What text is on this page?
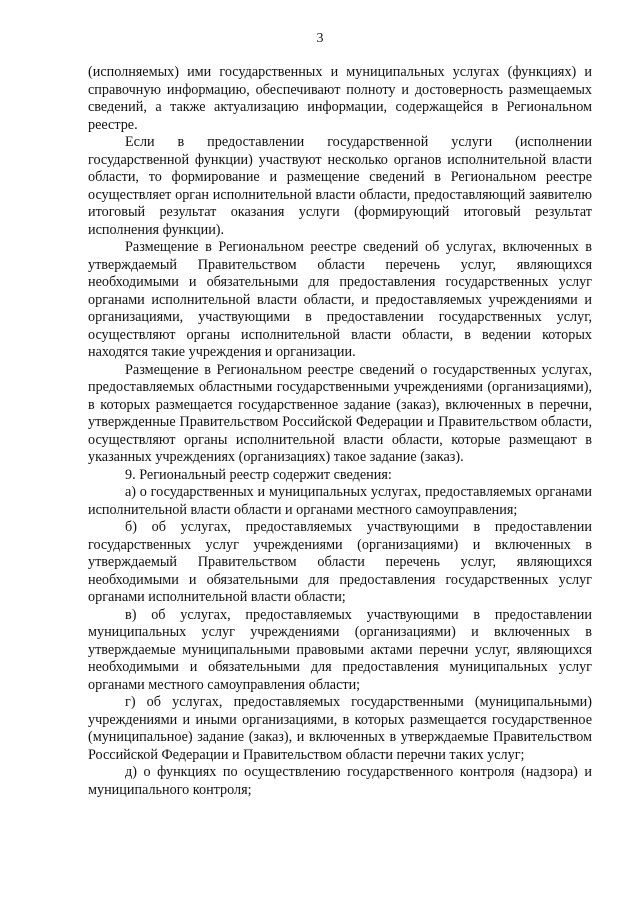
3

(исполняемых) ими государственных и муниципальных услугах (функциях) и справочную информацию, обеспечивают полноту и достоверность размещаемых сведений, а также актуализацию информации, содержащейся в Региональном реестре.

Если в предоставлении государственной услуги (исполнении государственной функции) участвуют несколько органов исполнительной власти области, то формирование и размещение сведений в Региональном реестре осуществляет орган исполнительной власти области, предоставляющий заявителю итоговый результат оказания услуги (формирующий итоговый результат исполнения функции).

Размещение в Региональном реестре сведений об услугах, включенных в утверждаемый Правительством области перечень услуг, являющихся необходимыми и обязательными для предоставления государственных услуг органами исполнительной власти области, и предоставляемых учреждениями и организациями, участвующими в предоставлении государственных услуг, осуществляют органы исполнительной власти области, в ведении которых находятся такие учреждения и организации.

Размещение в Региональном реестре сведений о государственных услугах, предоставляемых областными государственными учреждениями (организациями), в которых размещается государственное задание (заказ), включенных в перечни, утвержденные Правительством Российской Федерации и Правительством области, осуществляют органы исполнительной власти области, которые размещают в указанных учреждениях (организациях) такое задание (заказ).

9. Региональный реестр содержит сведения:

а) о государственных и муниципальных услугах, предоставляемых органами исполнительной власти области и органами местного самоуправления;

б) об услугах, предоставляемых участвующими в предоставлении государственных услуг учреждениями (организациями) и включенных в утверждаемый Правительством области перечень услуг, являющихся необходимыми и обязательными для предоставления государственных услуг органами исполнительной власти области;

в) об услугах, предоставляемых участвующими в предоставлении муниципальных услуг учреждениями (организациями) и включенных в утверждаемые муниципальными правовыми актами перечни услуг, являющихся необходимыми и обязательными для предоставления муниципальных услуг органами местного самоуправления области;

г) об услугах, предоставляемых государственными (муниципальными) учреждениями и иными организациями, в которых размещается государственное (муниципальное) задание (заказ), и включенных в утверждаемые Правительством Российской Федерации и Правительством области перечни таких услуг;

д) о функциях по осуществлению государственного контроля (надзора) и муниципального контроля;
